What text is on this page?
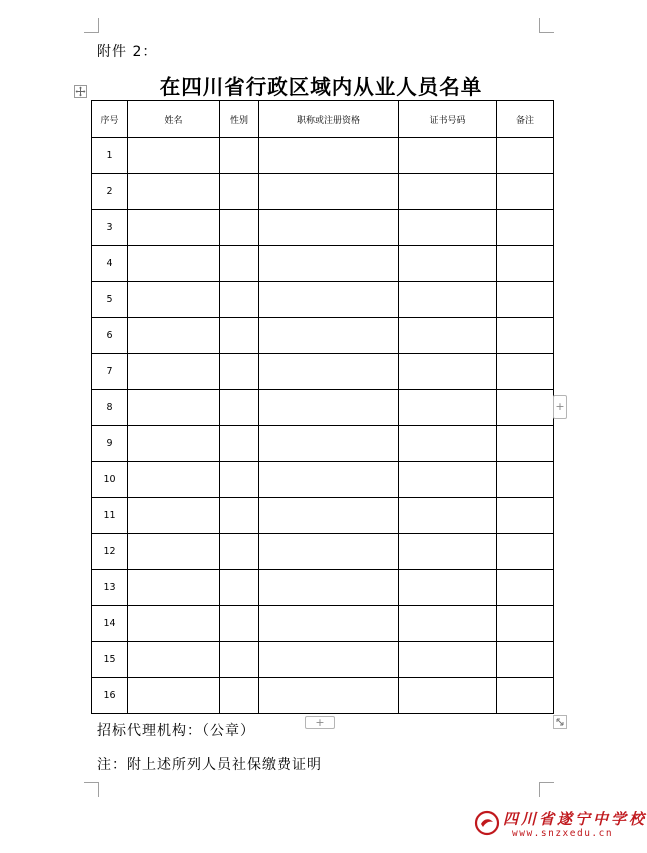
附件 2：
在四川省行政区域内从业人员名单
序号	姓名	性别	职称或注册资格	证书号码	备注
1					
2					
3					
4					
5					
6					
7					
8					
9					
10					
11					
12					
13					
14					
15					
16					
+
+
招标代理机构：（公章）
注：附上述所列人员社保缴费证明
四川省遂宁中学校
www.snzxedu.cn
